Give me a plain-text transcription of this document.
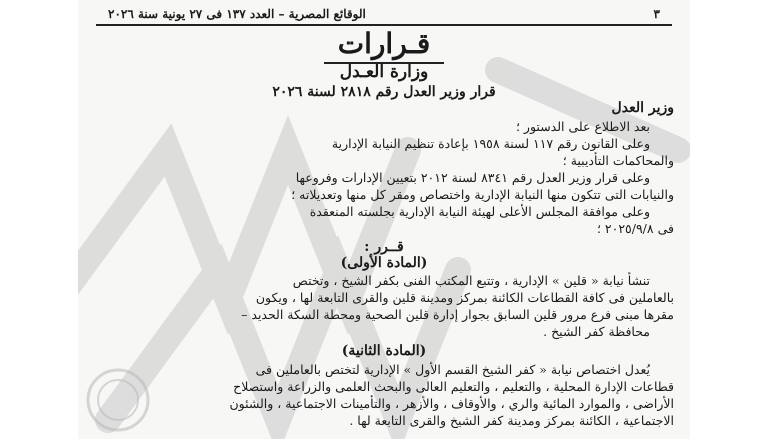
٣
الوقائع المصرية – العدد ١٣٧ فى ٢٧ يونية سنة ٢٠٢٦
قـرارات
وزارة العـدل
قرار وزير العدل رقم ٢٨١٨ لسنة ٢٠٢٦
وزير العدل
بعد الاطلاع على الدستور ؛
وعلى القانون رقم ١١٧ لسنة ١٩٥٨ بإعادة تنظيم النيابة الإدارية
والمحاكمات التأديبية ؛
وعلى قرار وزير العدل رقم ٨٣٤١ لسنة ٢٠١٢ بتعيين الإدارات وفروعها
والنيابات التى تتكون منها النيابة الإدارية واختصاص ومقر كل منها وتعديلاته ؛
وعلى موافقة المجلس الأعلى لهيئة النيابة الإدارية بجلسته المنعقدة
فى ٢٠٢٥/٩/٨ ؛
قــرر :
(المادة الأولى)
تنشأ نيابة « قلين » الإدارية ، وتتبع المكتب الفنى بكفر الشيخ ، وتختص
بالعاملين فى كافة القطاعات الكائنة بمركز ومدينة قلين والقرى التابعة لها ، ويكون
مقرها مبنى فرع مرور قلين السابق بجوار إدارة قلين الصحية ومحطة السكة الحديد –
محافظة كفر الشيخ .
(المادة الثانية)
يُعدل اختصاص نيابة « كفر الشيخ القسم الأول » الإدارية لتختص بالعاملين فى
قطاعات الإدارة المحلية ، والتعليم ، والتعليم العالى والبحث العلمى والزراعة واستصلاح
الأراضى ، والموارد المائية والري ، والأوقاف ، والأزهر ، والتأمينات الاجتماعية ، والشئون
الاجتماعية ، الكائنة بمركز ومدينة كفر الشيخ والقرى التابعة لها .
